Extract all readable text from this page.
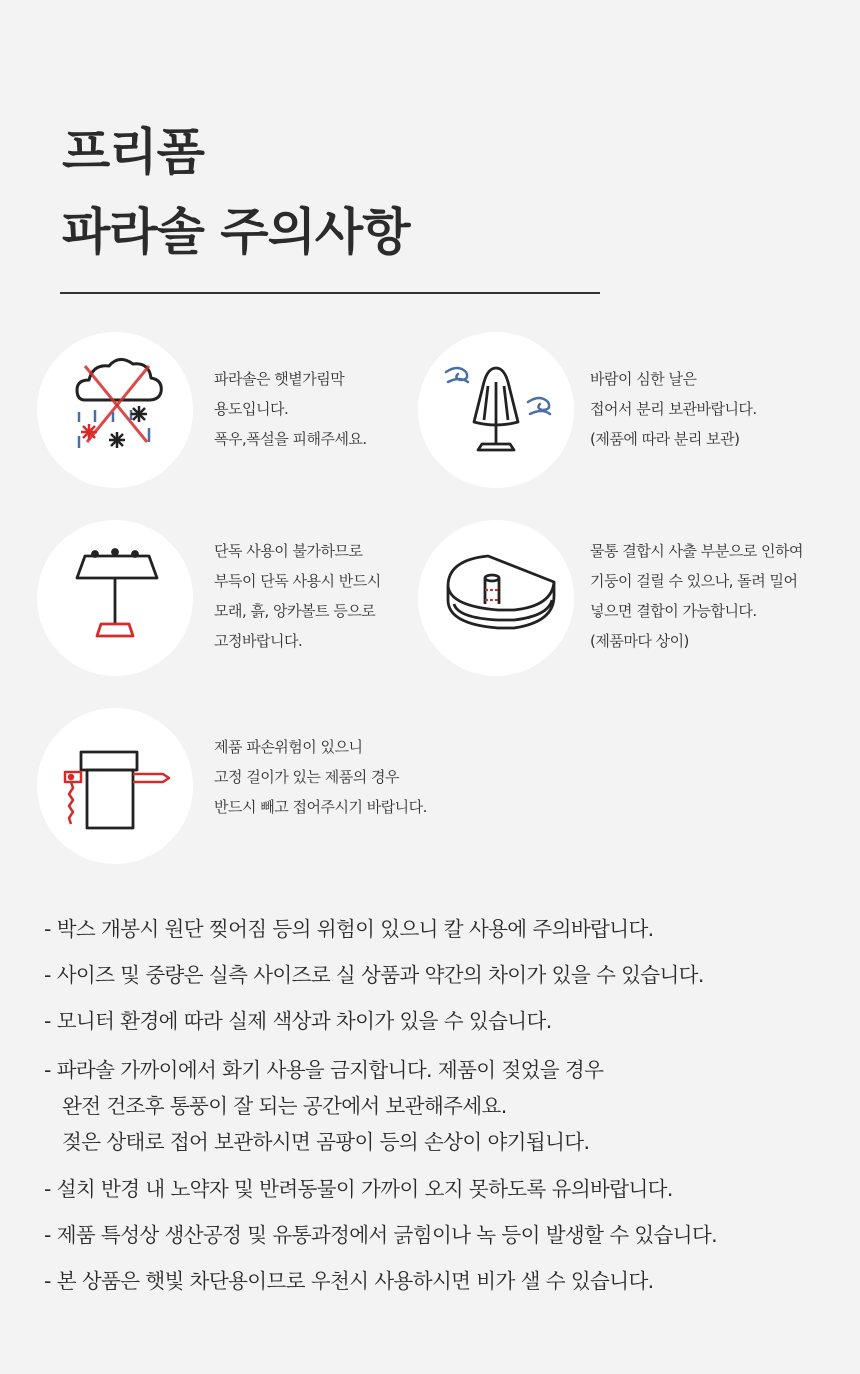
프리폼
파라솔 주의사항
파라솔은 햇볕가림막
용도입니다.
폭우,폭설을 피해주세요.
바람이 심한 날은
접어서 분리 보관바랍니다.
(제품에 따라 분리 보관)
단독 사용이 불가하므로
부득이 단독 사용시 반드시
모래, 흙, 앙카볼트 등으로
고정바랍니다.
물통 결합시 사출 부분으로 인하여
기둥이 걸릴 수 있으나, 돌려 밀어
넣으면 결합이 가능합니다.
(제품마다 상이)
제품 파손위험이 있으니
고정 걸이가 있는 제품의 경우
반드시 빼고 접어주시기 바랍니다.
- 박스 개봉시 원단 찢어짐 등의 위험이 있으니 칼 사용에 주의바랍니다.
- 사이즈 및 중량은 실측 사이즈로 실 상품과 약간의 차이가 있을 수 있습니다.
- 모니터 환경에 따라 실제 색상과 차이가 있을 수 있습니다.
- 파라솔 가까이에서 화기 사용을 금지합니다. 제품이 젖었을 경우
완전 건조후 통풍이 잘 되는 공간에서 보관해주세요.
젖은 상태로 접어 보관하시면 곰팡이 등의 손상이 야기됩니다.
- 설치 반경 내 노약자 및 반려동물이 가까이 오지 못하도록 유의바랍니다.
- 제품 특성상 생산공정 및 유통과정에서 긁힘이나 녹 등이 발생할 수 있습니다.
- 본 상품은 햇빛 차단용이므로 우천시 사용하시면 비가 샐 수 있습니다.
